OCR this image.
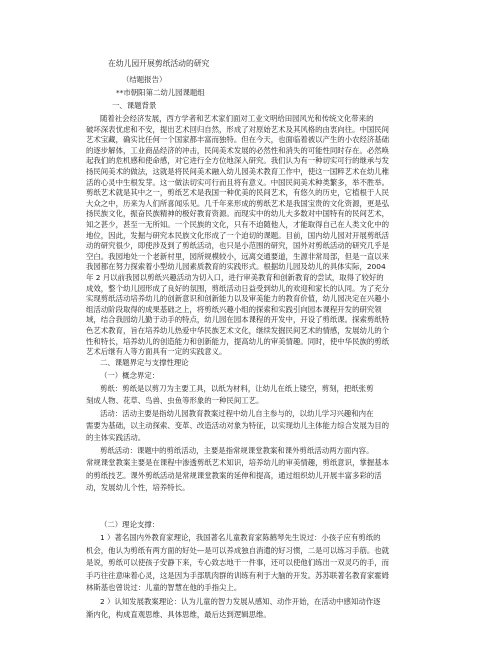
在幼儿园开展剪纸活动的研究
（结题报告）
**市朝阳第二幼儿园课题组
一、课题背景
随着社会经济发展，西方学者和艺术家们面对工业文明给田园风光和传统文化带来的
破坏深表忧虑和不安，提出艺术回归自然，形成了对原始艺术及其风格的由衷向往。中国民间
艺术宝藏，确实比任何一个国家都丰富而独特。但在今天，也面临着被以产生的小农经济基础
的逐步解体，工业商品经济的冲击，民间美术发展的必然性和消失的可能性同时存在。必然唤
起我们的危机感和使命感，对它进行全方位地深入研究。我们认为有一种切实可行的继承与发
扬民间美术的做法，这就是将民间美术融入幼儿园美术教育工作中，使这一国粹艺术在幼儿稚
活的心灵中生根发芽。这一做法切实可行而且将有意义。中国民间美术种类繁多，举不胜举。
剪纸艺术就是其中之一，剪纸艺术是我国一种优美的民间艺术，有悠久的历史，它植根于人民
大众之中，历来为人们所喜闻乐见。几千年来形成的剪纸艺术是我国宝贵的文化资源，更是弘
扬民族文化，振奋民族精神的极好教育资源。而现实中的幼儿大多数对中国特有的民间艺术，
知之甚少，甚至一无所知。一个民族的文化，只有不迫随他人，才能取得自己在人类文化中的
地位，因此，发掘与研究本民族文化形成了一个迫切的课题。目前，国内幼儿园对开展剪纸活
动的研究很少，即使涉及到了剪纸活动，也只是小范围的研究，国外对剪纸活动的研究几乎是
空白。我园地处一个老新村里，园所规模较小，远离交通要道，生源非常局部，但是一直以来
我园都在努力探索着小型幼儿园素质教育的实践形式。根据幼儿园及幼儿的具体实际，2004
年 2 月以前我园以剪纸兴趣活动为切入口，进行审美教育和创新教育的尝试，取得了较好的
成效，整个幼儿园形成了良好的氛围，剪纸活动日益受到幼儿的欢迎和家长的认同。为了充分
实现剪纸活动培养幼儿的创新意识和创新能力以及审美能力的教育价值，幼儿园决定在兴趣小
组活动阶段取得的成果基础之上，将剪纸兴趣小组的探索和实践引向园本课程开发的研究领
域，结合我园幼儿勤于动手的特点，幼儿园在园本课程的开发中，开设了剪纸课。探索剪纸特
色艺术教育，旨在培养幼儿热爱中华民族艺术文化，继续发掘民间艺术的情感，发展幼儿的个
性和特长，培养幼儿的创造能力和创新能力，提高幼儿的审美情趣。同时，使中华民族的剪纸
艺术后继有人等方面具有一定的实践意义。
二、课题界定与支撑性理论
（一）概念界定：
剪纸：剪纸是以剪刀为主要工具，以纸为材料，让幼儿在纸上镂空，剪刻，把纸张剪
刻成人物、花草、鸟兽、虫鱼等形象的一种民间工艺。
活动：活动主要是指幼儿园教育教案过程中幼儿自主参与的，以幼儿学习兴趣和内在
需要为基础，以主动探索、变革、改造活动对象为特征，以实现幼儿主体能力综合发展为目的
的主体实践活动。
剪纸活动：课题中的剪纸活动，主要是指常规课堂教案和课外剪纸活动两方面内容。
常规课堂教案主要是在课程中渗透剪纸艺术知识，培养幼儿的审美情趣，剪纸意识，掌握基本
的剪纸技艺。课外剪纸活动是常规课堂教案的延伸和提高，通过组织幼儿开展丰富多彩的活
动，发展幼儿个性，培养特长。
（二）理论支撑：
1 ）著名国内外教育家理论，我国著名儿童教育家陈鹤琴先生说过：小孩子应有剪纸的
机会，他认为剪纸有两方面的好处—是可以养成独自消遣的好习惯，二是可以练习手筋。也就
是说，剪纸可以使孩子安静下来，专心致志地干一件事，还可以使他们练出一双灵巧的手，而
手巧往往意味着心灵，这是因为手部肌肉群的训练有利于大脑的开发。苏苏联著名教育家霍姆
林斯基也曾说过：儿童的智慧在他的手指尖上。
2 ）认知发展教案理论：认为儿童的智力发展从感知、动作开始，在活动中感知动作逐
渐内化，构成直观思维、具体思维，最后达到逻辑思维。
